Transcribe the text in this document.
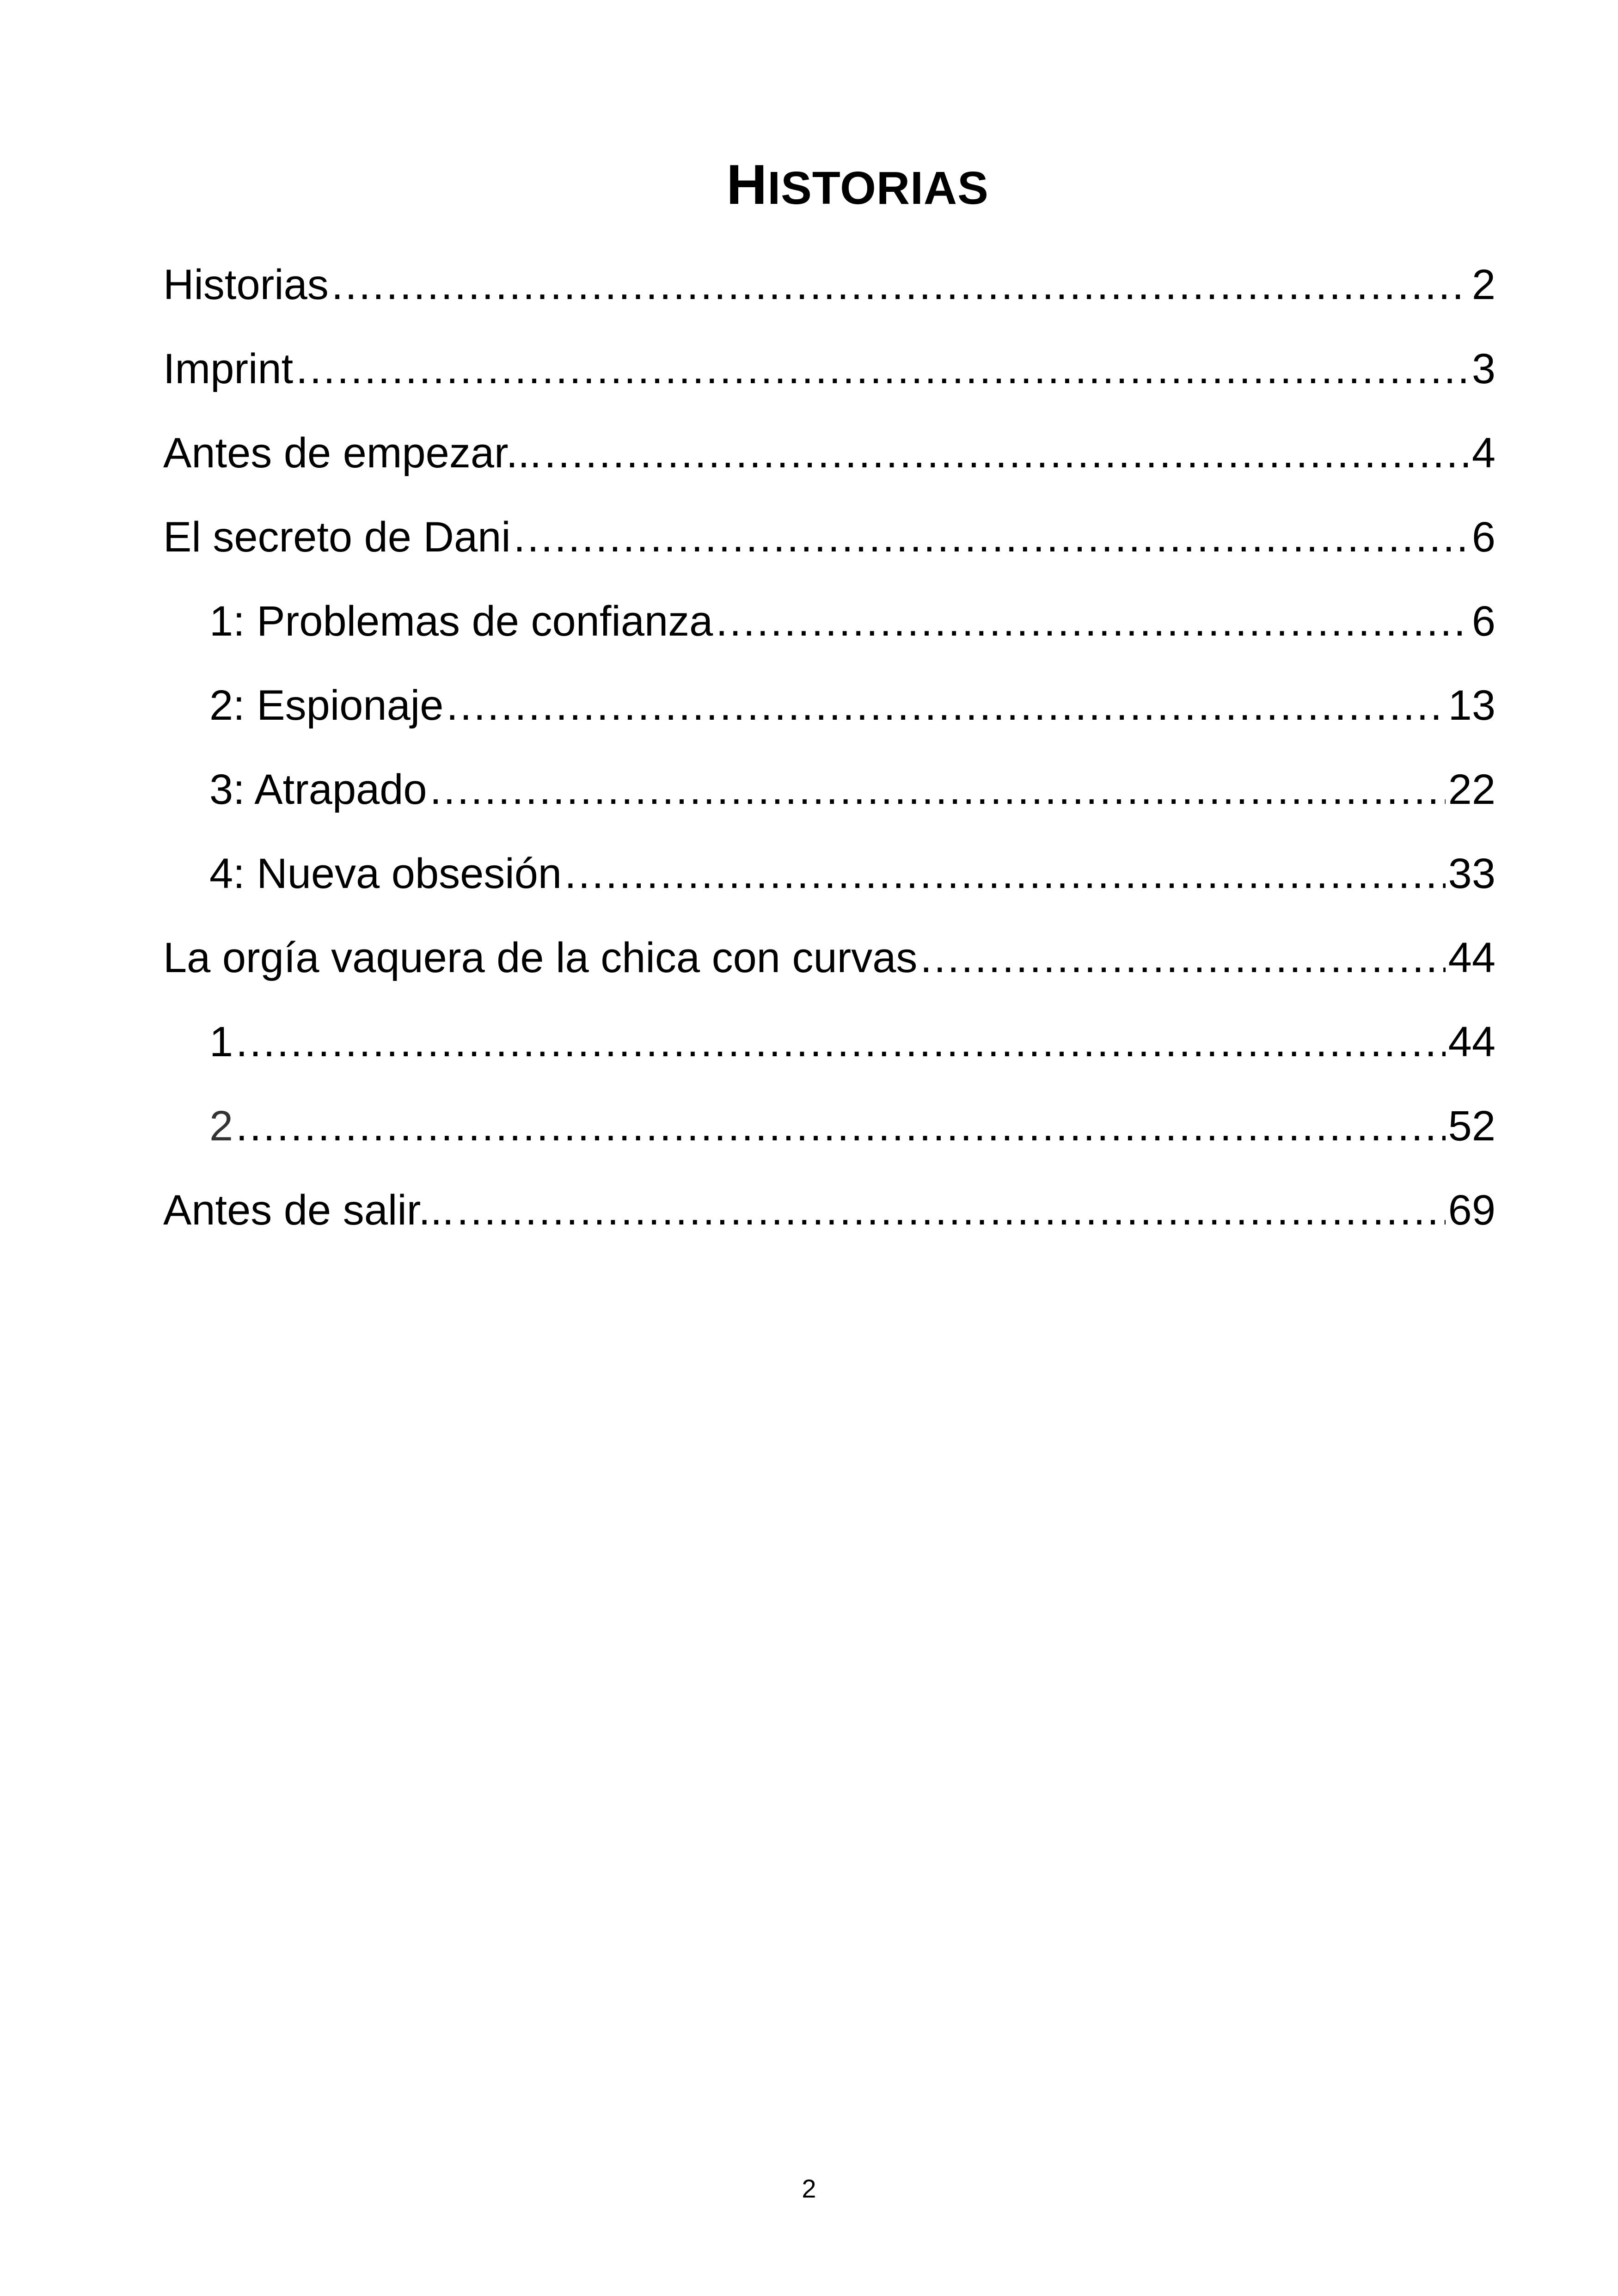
HISTORIAS
Historias .....	2
Imprint .....	3
Antes de empezar... .....	4
El secreto de Dani .....	6
1: Problemas de confianza .....	6
2: Espionaje .....	13
3: Atrapado .....	22
4: Nueva obsesión .....	33
La orgía vaquera de la chica con curvas .....	44
1 .....	44
2 .....	52
Antes de salir... .....	69
2
